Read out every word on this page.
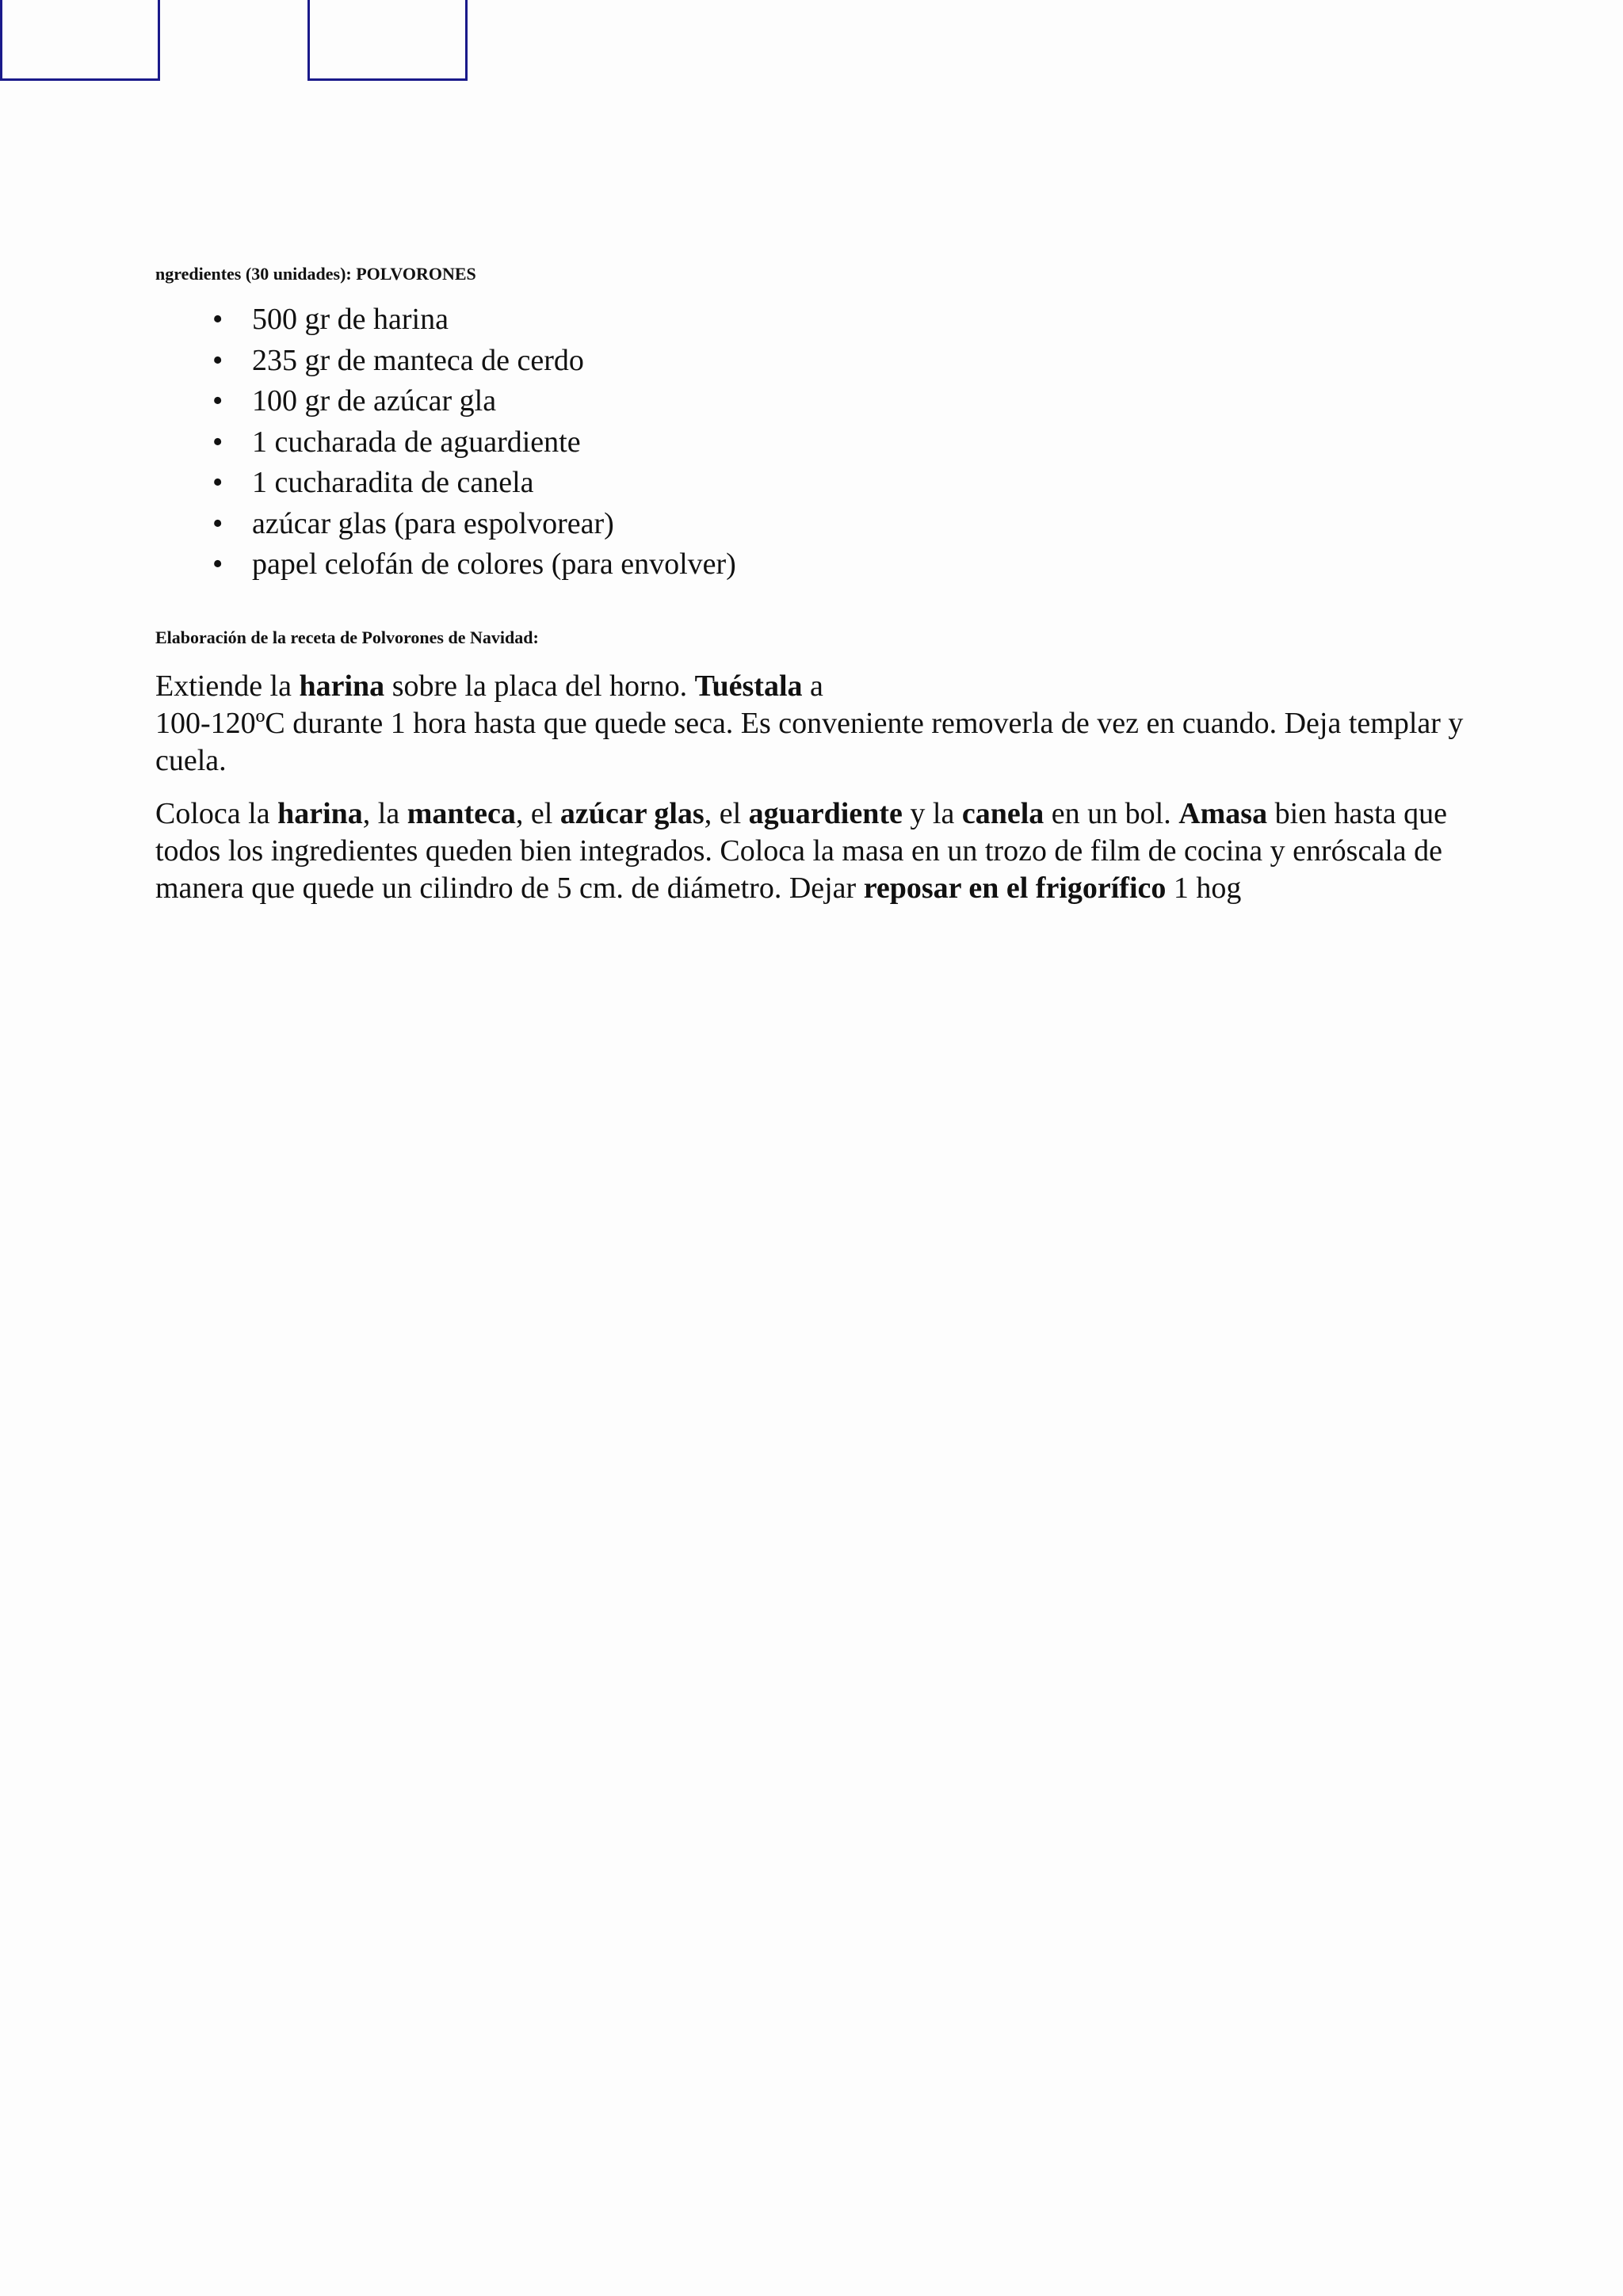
ngredientes (30 unidades): POLVORONES

• 500 gr de harina
• 235 gr de manteca de cerdo
• 100 gr de azúcar gla
• 1 cucharada de aguardiente
• 1 cucharadita de canela
• azúcar glas (para espolvorear)
• papel celofán de colores (para envolver)

Elaboración de la receta de Polvorones de Navidad:

Extiende la harina sobre la placa del horno. Tuéstala a
100-120ºC durante 1 hora hasta que quede seca. Es conveniente removerla de vez en cuando. Deja templar y cuela.

Coloca la harina, la manteca, el azúcar glas, el aguardiente y la canela en un bol. Amasa bien hasta que todos los ingredientes queden bien integrados. Coloca la masa en un trozo de film de cocina y enróscala de manera que quede un cilindro de 5 cm. de diámetro. Dejar reposar en el frigorífico 1 hog
